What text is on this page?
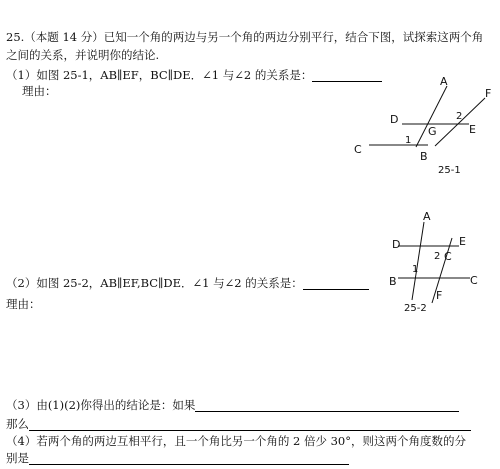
25.（本题 14 分）已知一个角的两边与另一个角的两边分别平行，结合下图，试探索这两个角
之间的关系，并说明你的结论.
（1）如图 25-1，AB∥EF，BC∥DE．∠1 与∠2 的关系是：
理由：
（2）如图 25-2，AB∥EF,BC∥DE．∠1 与∠2 的关系是：
理由：
（3）由(1)(2)你得出的结论是：如果
那么
（4）若两个角的两边互相平行，且一个角比另一个角的 2 倍少 30°，则这两个角度数的分
别是
A
F
D	2
E
G
1
C
B
25-1
A
D	E
2 C
1
B	C
F
25-2
